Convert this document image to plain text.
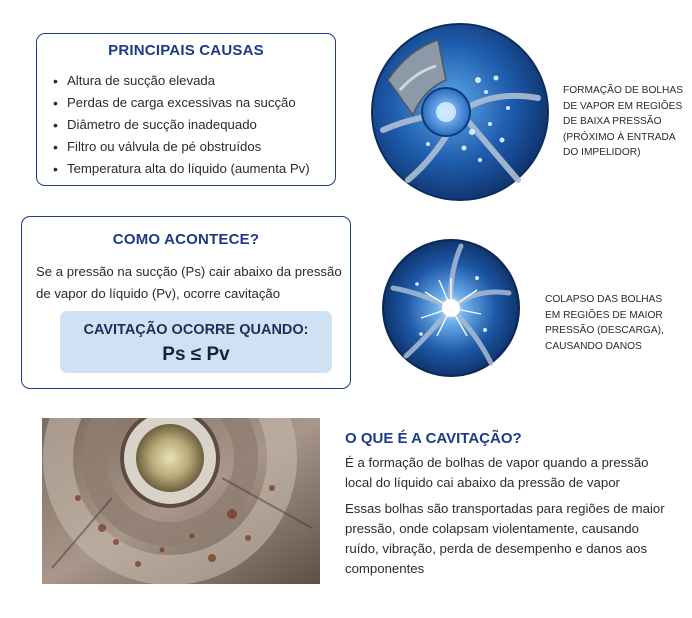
PRINCIPAIS CAUSAS
• Altura de sucção elevada
• Perdas de carga excessivas na sucção
• Diâmetro de sucção inadequado
• Filtro ou válvula de pé obstruídos
• Temperatura alta do líquido (aumenta Pv)
FORMAÇÃO DE BOLHAS
DE VAPOR EM REGIÕES
DE BAIXA PRESSÃO
(PRÓXIMO À ENTRADA
DO IMPELIDOR)
COMO ACONTECE?
Se a pressão na sucção (Ps) cair abaixo da pressão de vapor do líquido (Pv), ocorre cavitação
CAVITAÇÃO OCORRE QUANDO:
Ps ≤ Pv
COLAPSO DAS BOLHAS
EM REGIÕES DE MAIOR
PRESSÃO (DESCARGA),
CAUSANDO DANOS
O QUE É A CAVITAÇÃO?
É a formação de bolhas de vapor quando a pressão local do líquido cai abaixo da pressão de vapor
Essas bolhas são transportadas para regiões de maior pressão, onde colapsam violentamente, causando ruído, vibração, perda de desempenho e danos aos componentes
